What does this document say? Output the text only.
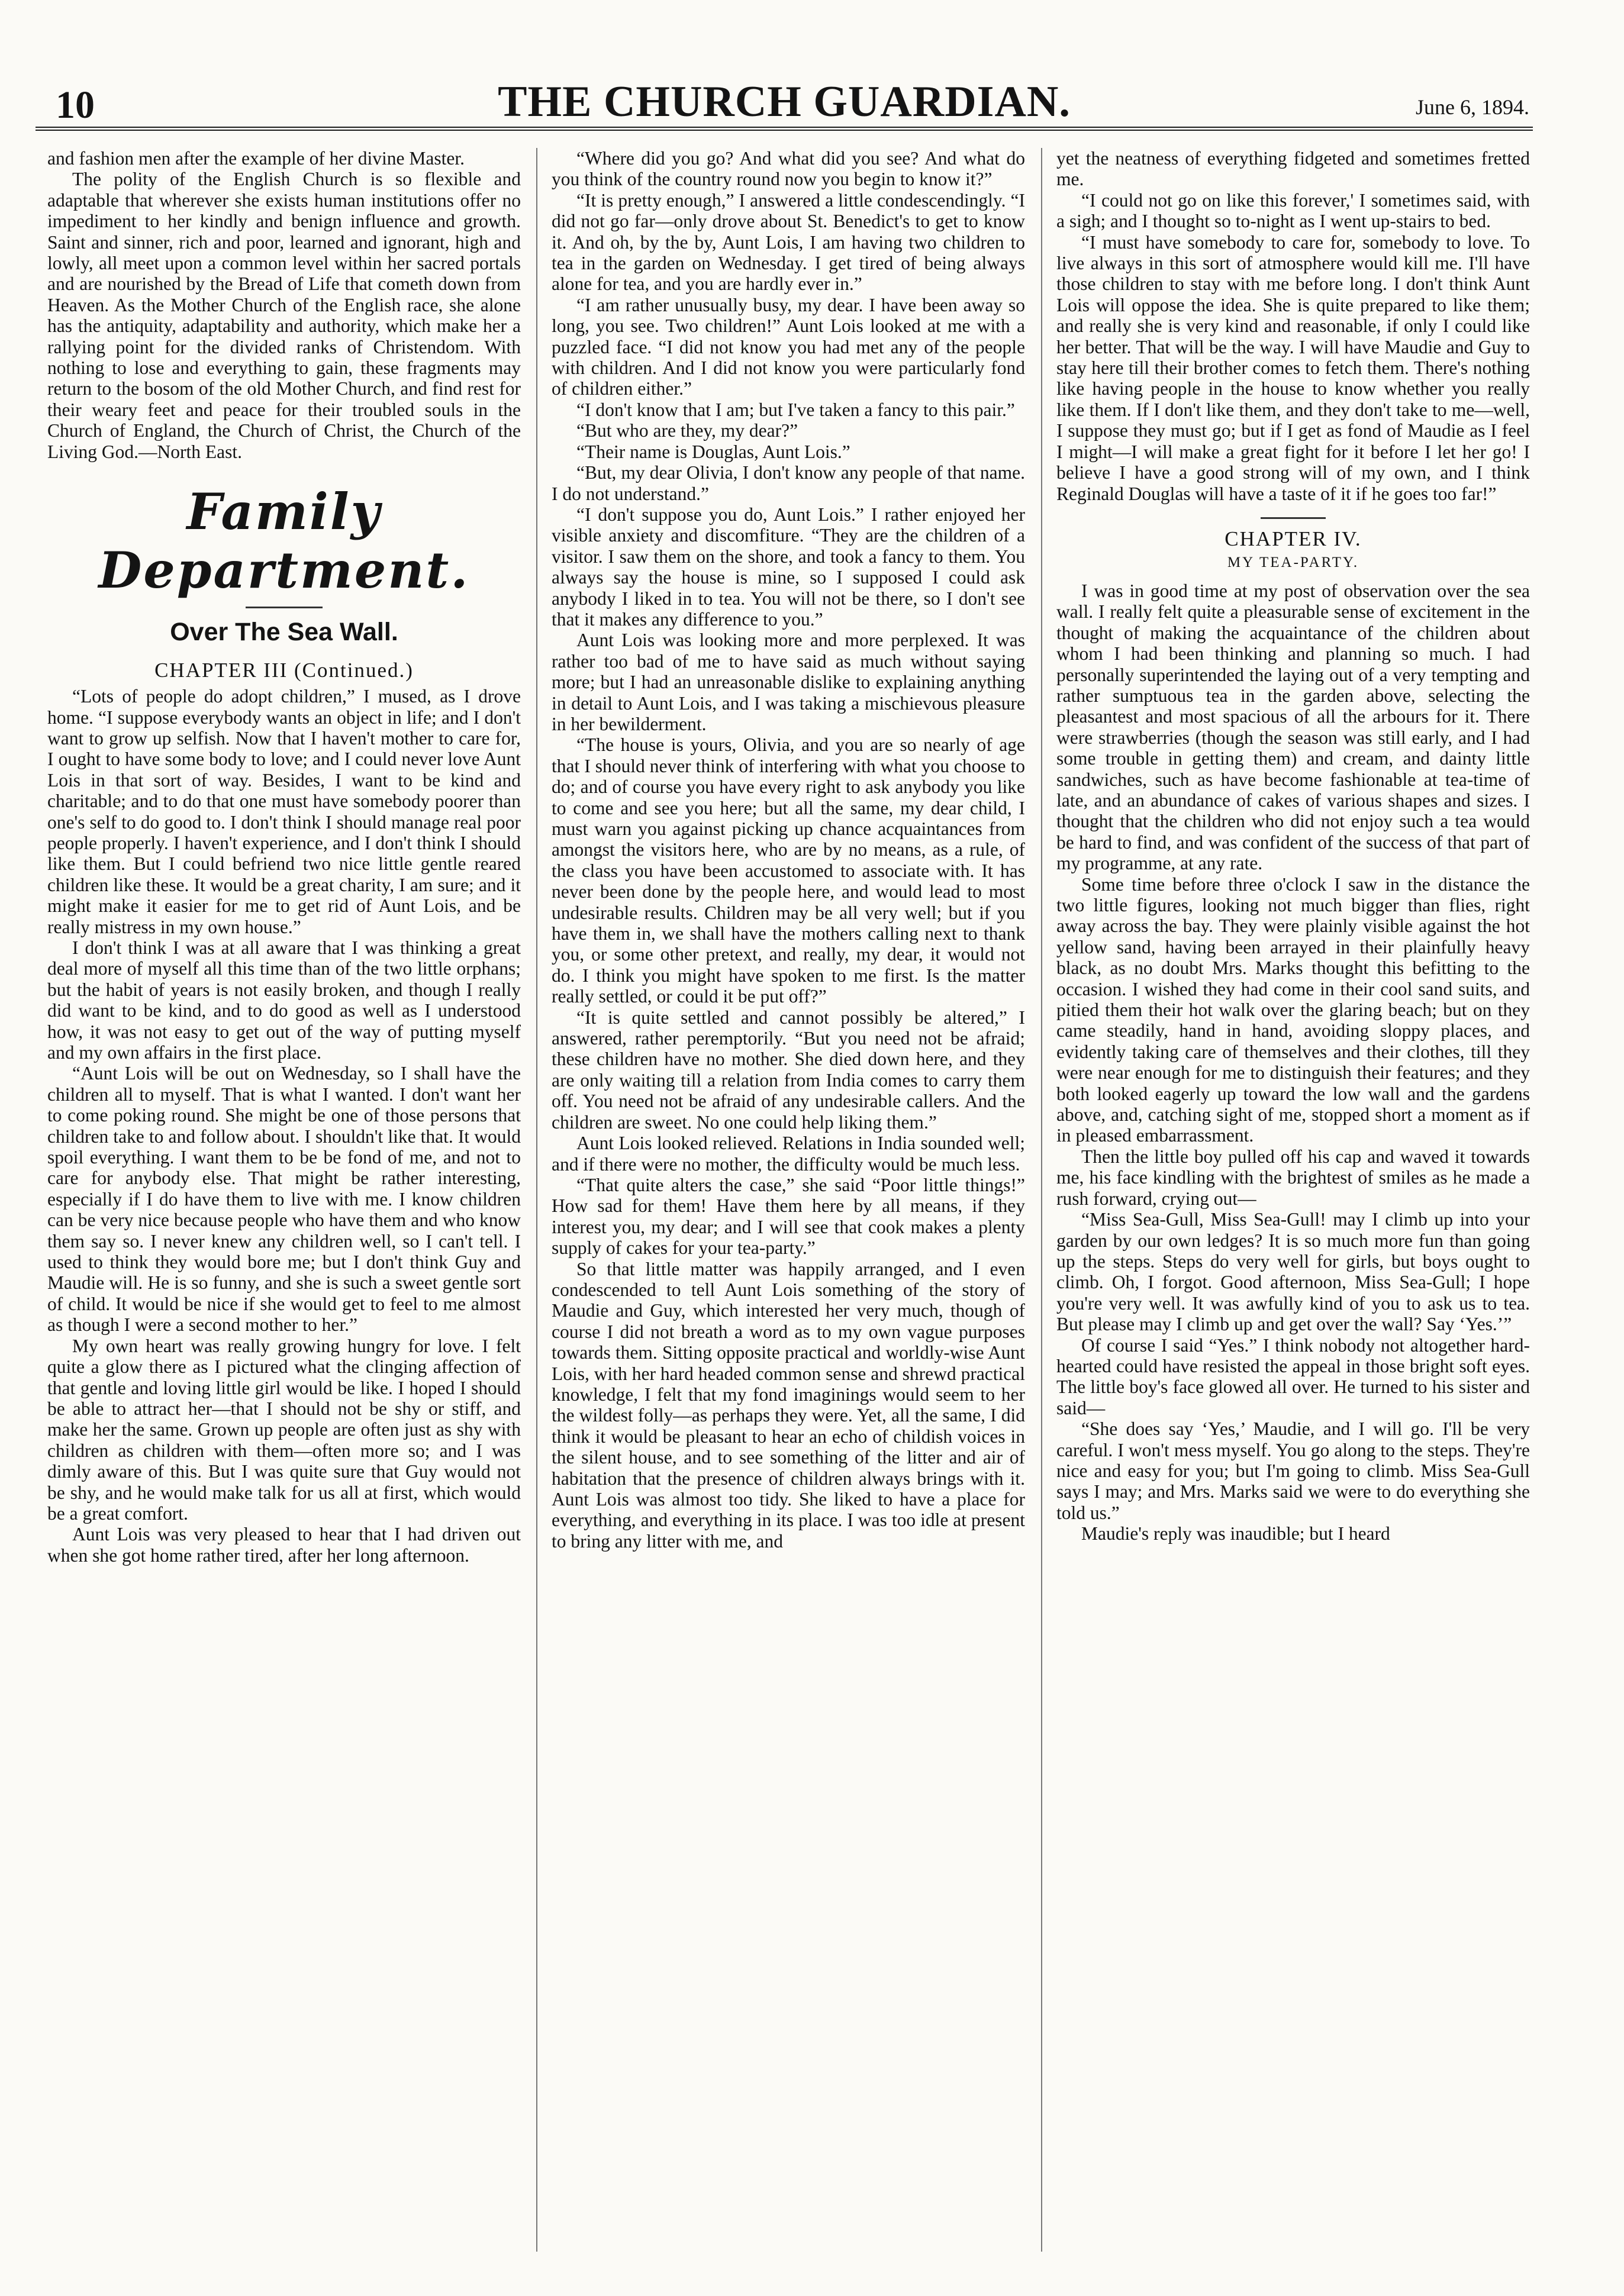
10	THE CHURCH GUARDIAN.	June 6, 1894.

and fashion men after the example of her divine Master.

The polity of the English Church is so flexible and adaptable that wherever she exists human institutions offer no impediment to her kindly and benign influence and growth. Saint and sinner, rich and poor, learned and ignorant, high and lowly, all meet upon a common level within her sacred portals and are nourished by the Bread of Life that cometh down from Heaven. As the Mother Church of the English race, she alone has the antiquity, adaptability and authority, which make her a rallying point for the divided ranks of Christendom. With nothing to lose and everything to gain, these fragments may return to the bosom of the old Mother Church, and find rest for their weary feet and peace for their troubled souls in the Church of England, the Church of Christ, the Church of the Living God.—North East.

Family Department.
Over The Sea Wall.
CHAPTER III (Continued.)

“Lots of people do adopt children,” I mused, as I drove home. “I suppose everybody wants an object in life; and I don't want to grow up selfish. Now that I haven't mother to care for, I ought to have some body to love; and I could never love Aunt Lois in that sort of way. Besides, I want to be kind and charitable; and to do that one must have somebody poorer than one's self to do good to. I don't think I should manage real poor people properly. I haven't experience, and I don't think I should like them. But I could befriend two nice little gentle reared children like these. It would be a great charity, I am sure; and it might make it easier for me to get rid of Aunt Lois, and be really mistress in my own house.”

I don't think I was at all aware that I was thinking a great deal more of myself all this time than of the two little orphans; but the habit of years is not easily broken, and though I really did want to be kind, and to do good as well as I understood how, it was not easy to get out of the way of putting myself and my own affairs in the first place.

“Aunt Lois will be out on Wednesday, so I shall have the children all to myself. That is what I wanted. I don't want her to come poking round. She might be one of those persons that children take to and follow about. I shouldn't like that. It would spoil everything. I want them to be be fond of me, and not to care for anybody else. That might be rather interesting, especially if I do have them to live with me. I know children can be very nice because people who have them and who know them say so. I never knew any children well, so I can't tell. I used to think they would bore me; but I don't think Guy and Maudie will. He is so funny, and she is such a sweet gentle sort of child. It would be nice if she would get to feel to me almost as though I were a second mother to her.”

My own heart was really growing hungry for love. I felt quite a glow there as I pictured what the clinging affection of that gentle and loving little girl would be like. I hoped I should be able to attract her—that I should not be shy or stiff, and make her the same. Grown up people are often just as shy with children as children with them—often more so; and I was dimly aware of this. But I was quite sure that Guy would not be shy, and he would make talk for us all at first, which would be a great comfort.

Aunt Lois was very pleased to hear that I had driven out when she got home rather tired, after her long afternoon.

“Where did you go? And what did you see? And what do you think of the country round now you begin to know it?”

“It is pretty enough,” I answered a little condescendingly. “I did not go far—only drove about St. Benedict's to get to know it. And oh, by the by, Aunt Lois, I am having two children to tea in the garden on Wednesday. I get tired of being always alone for tea, and you are hardly ever in.”

“I am rather unusually busy, my dear. I have been away so long, you see. Two children!” Aunt Lois looked at me with a puzzled face. “I did not know you had met any of the people with children. And I did not know you were particularly fond of children either.”

“I don't know that I am; but I've taken a fancy to this pair.”

“But who are they, my dear?”

“Their name is Douglas, Aunt Lois.”

“But, my dear Olivia, I don't know any people of that name. I do not understand.”

“I don't suppose you do, Aunt Lois.” I rather enjoyed her visible anxiety and discomfiture. “They are the children of a visitor. I saw them on the shore, and took a fancy to them. You always say the house is mine, so I supposed I could ask anybody I liked in to tea. You will not be there, so I don't see that it makes any difference to you.”

Aunt Lois was looking more and more perplexed. It was rather too bad of me to have said as much without saying more; but I had an unreasonable dislike to explaining anything in detail to Aunt Lois, and I was taking a mischievous pleasure in her bewilderment.

“The house is yours, Olivia, and you are so nearly of age that I should never think of interfering with what you choose to do; and of course you have every right to ask anybody you like to come and see you here; but all the same, my dear child, I must warn you against picking up chance acquaintances from amongst the visitors here, who are by no means, as a rule, of the class you have been accustomed to associate with. It has never been done by the people here, and would lead to most undesirable results. Children may be all very well; but if you have them in, we shall have the mothers calling next to thank you, or some other pretext, and really, my dear, it would not do. I think you might have spoken to me first. Is the matter really settled, or could it be put off?”

“It is quite settled and cannot possibly be altered,” I answered, rather peremptorily. “But you need not be afraid; these children have no mother. She died down here, and they are only waiting till a relation from India comes to carry them off. You need not be afraid of any undesirable callers. And the children are sweet. No one could help liking them.”

Aunt Lois looked relieved. Relations in India sounded well; and if there were no mother, the difficulty would be much less.

“That quite alters the case,” she said “Poor little things!” How sad for them! Have them here by all means, if they interest you, my dear; and I will see that cook makes a plenty supply of cakes for your tea-party.”

So that little matter was happily arranged, and I even condescended to tell Aunt Lois something of the story of Maudie and Guy, which interested her very much, though of course I did not breath a word as to my own vague purposes towards them. Sitting opposite practical and worldly-wise Aunt Lois, with her hard headed common sense and shrewd practical knowledge, I felt that my fond imaginings would seem to her the wildest folly—as perhaps they were. Yet, all the same, I did think it would be pleasant to hear an echo of childish voices in the silent house, and to see something of the litter and air of habitation that the presence of children always brings with it. Aunt Lois was almost too tidy. She liked to have a place for everything, and everything in its place. I was too idle at present to bring any litter with me, and

yet the neatness of everything fidgeted and sometimes fretted me.

“I could not go on like this forever,' I sometimes said, with a sigh; and I thought so to-night as I went up-stairs to bed.

“I must have somebody to care for, somebody to love. To live always in this sort of atmosphere would kill me. I'll have those children to stay with me before long. I don't think Aunt Lois will oppose the idea. She is quite prepared to like them; and really she is very kind and reasonable, if only I could like her better. That will be the way. I will have Maudie and Guy to stay here till their brother comes to fetch them. There's nothing like having people in the house to know whether you really like them. If I don't like them, and they don't take to me—well, I suppose they must go; but if I get as fond of Maudie as I feel I might—I will make a great fight for it before I let her go! I believe I have a good strong will of my own, and I think Reginald Douglas will have a taste of it if he goes too far!”

CHAPTER IV.
MY TEA-PARTY.

I was in good time at my post of observation over the sea wall. I really felt quite a pleasurable sense of excitement in the thought of making the acquaintance of the children about whom I had been thinking and planning so much. I had personally superintended the laying out of a very tempting and rather sumptuous tea in the garden above, selecting the pleasantest and most spacious of all the arbours for it. There were strawberries (though the season was still early, and I had some trouble in getting them) and cream, and dainty little sandwiches, such as have become fashionable at tea-time of late, and an abundance of cakes of various shapes and sizes. I thought that the children who did not enjoy such a tea would be hard to find, and was confident of the success of that part of my programme, at any rate.

Some time before three o'clock I saw in the distance the two little figures, looking not much bigger than flies, right away across the bay. They were plainly visible against the hot yellow sand, having been arrayed in their plainfully heavy black, as no doubt Mrs. Marks thought this befitting to the occasion. I wished they had come in their cool sand suits, and pitied them their hot walk over the glaring beach; but on they came steadily, hand in hand, avoiding sloppy places, and evidently taking care of themselves and their clothes, till they were near enough for me to distinguish their features; and they both looked eagerly up toward the low wall and the gardens above, and, catching sight of me, stopped short a moment as if in pleased embarrassment.

Then the little boy pulled off his cap and waved it towards me, his face kindling with the brightest of smiles as he made a rush forward, crying out—

“Miss Sea-Gull, Miss Sea-Gull! may I climb up into your garden by our own ledges? It is so much more fun than going up the steps. Steps do very well for girls, but boys ought to climb. Oh, I forgot. Good afternoon, Miss Sea-Gull; I hope you're very well. It was awfully kind of you to ask us to tea. But please may I climb up and get over the wall? Say ‘Yes.’”

Of course I said “Yes.” I think nobody not altogether hard-hearted could have resisted the appeal in those bright soft eyes. The little boy's face glowed all over. He turned to his sister and said—

“She does say ‘Yes,’ Maudie, and I will go. I'll be very careful. I won't mess myself. You go along to the steps. They're nice and easy for you; but I'm going to climb. Miss Sea-Gull says I may; and Mrs. Marks said we were to do everything she told us.”

Maudie's reply was inaudible; but I heard
